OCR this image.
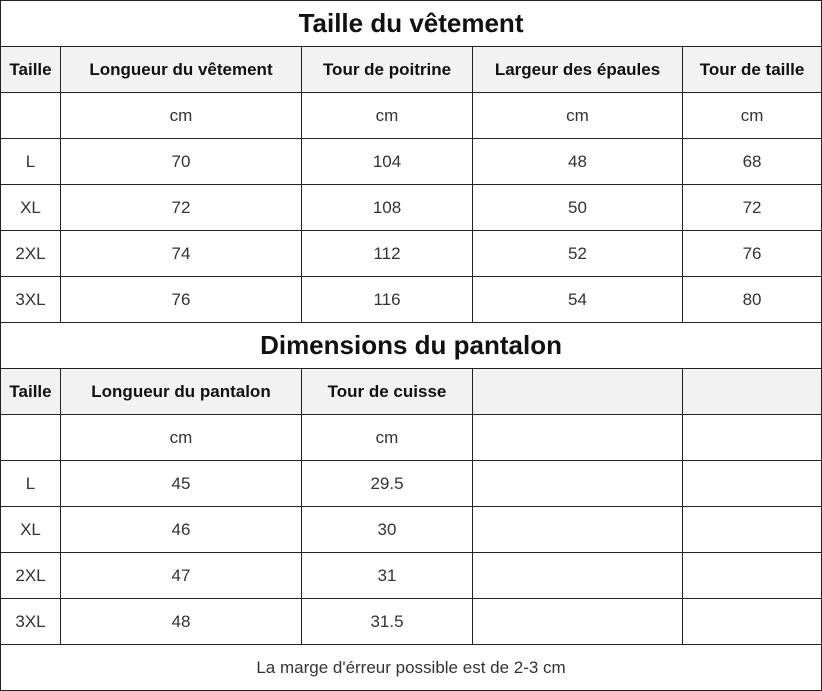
Taille du vêtement				
Taille	Longueur du vêtement	Tour de poitrine	Largeur des épaules	Tour de taille
	cm	cm	cm	cm
L	70	104	48	68
XL	72	108	50	72
2XL	74	112	52	76
3XL	76	116	54	80
Dimensions du pantalon				
Taille	Longueur du pantalon	Tour de cuisse		
	cm	cm		
L	45	29.5		
XL	46	30		
2XL	47	31		
3XL	48	31.5		
La marge d'érreur possible est de 2-3 cm				
